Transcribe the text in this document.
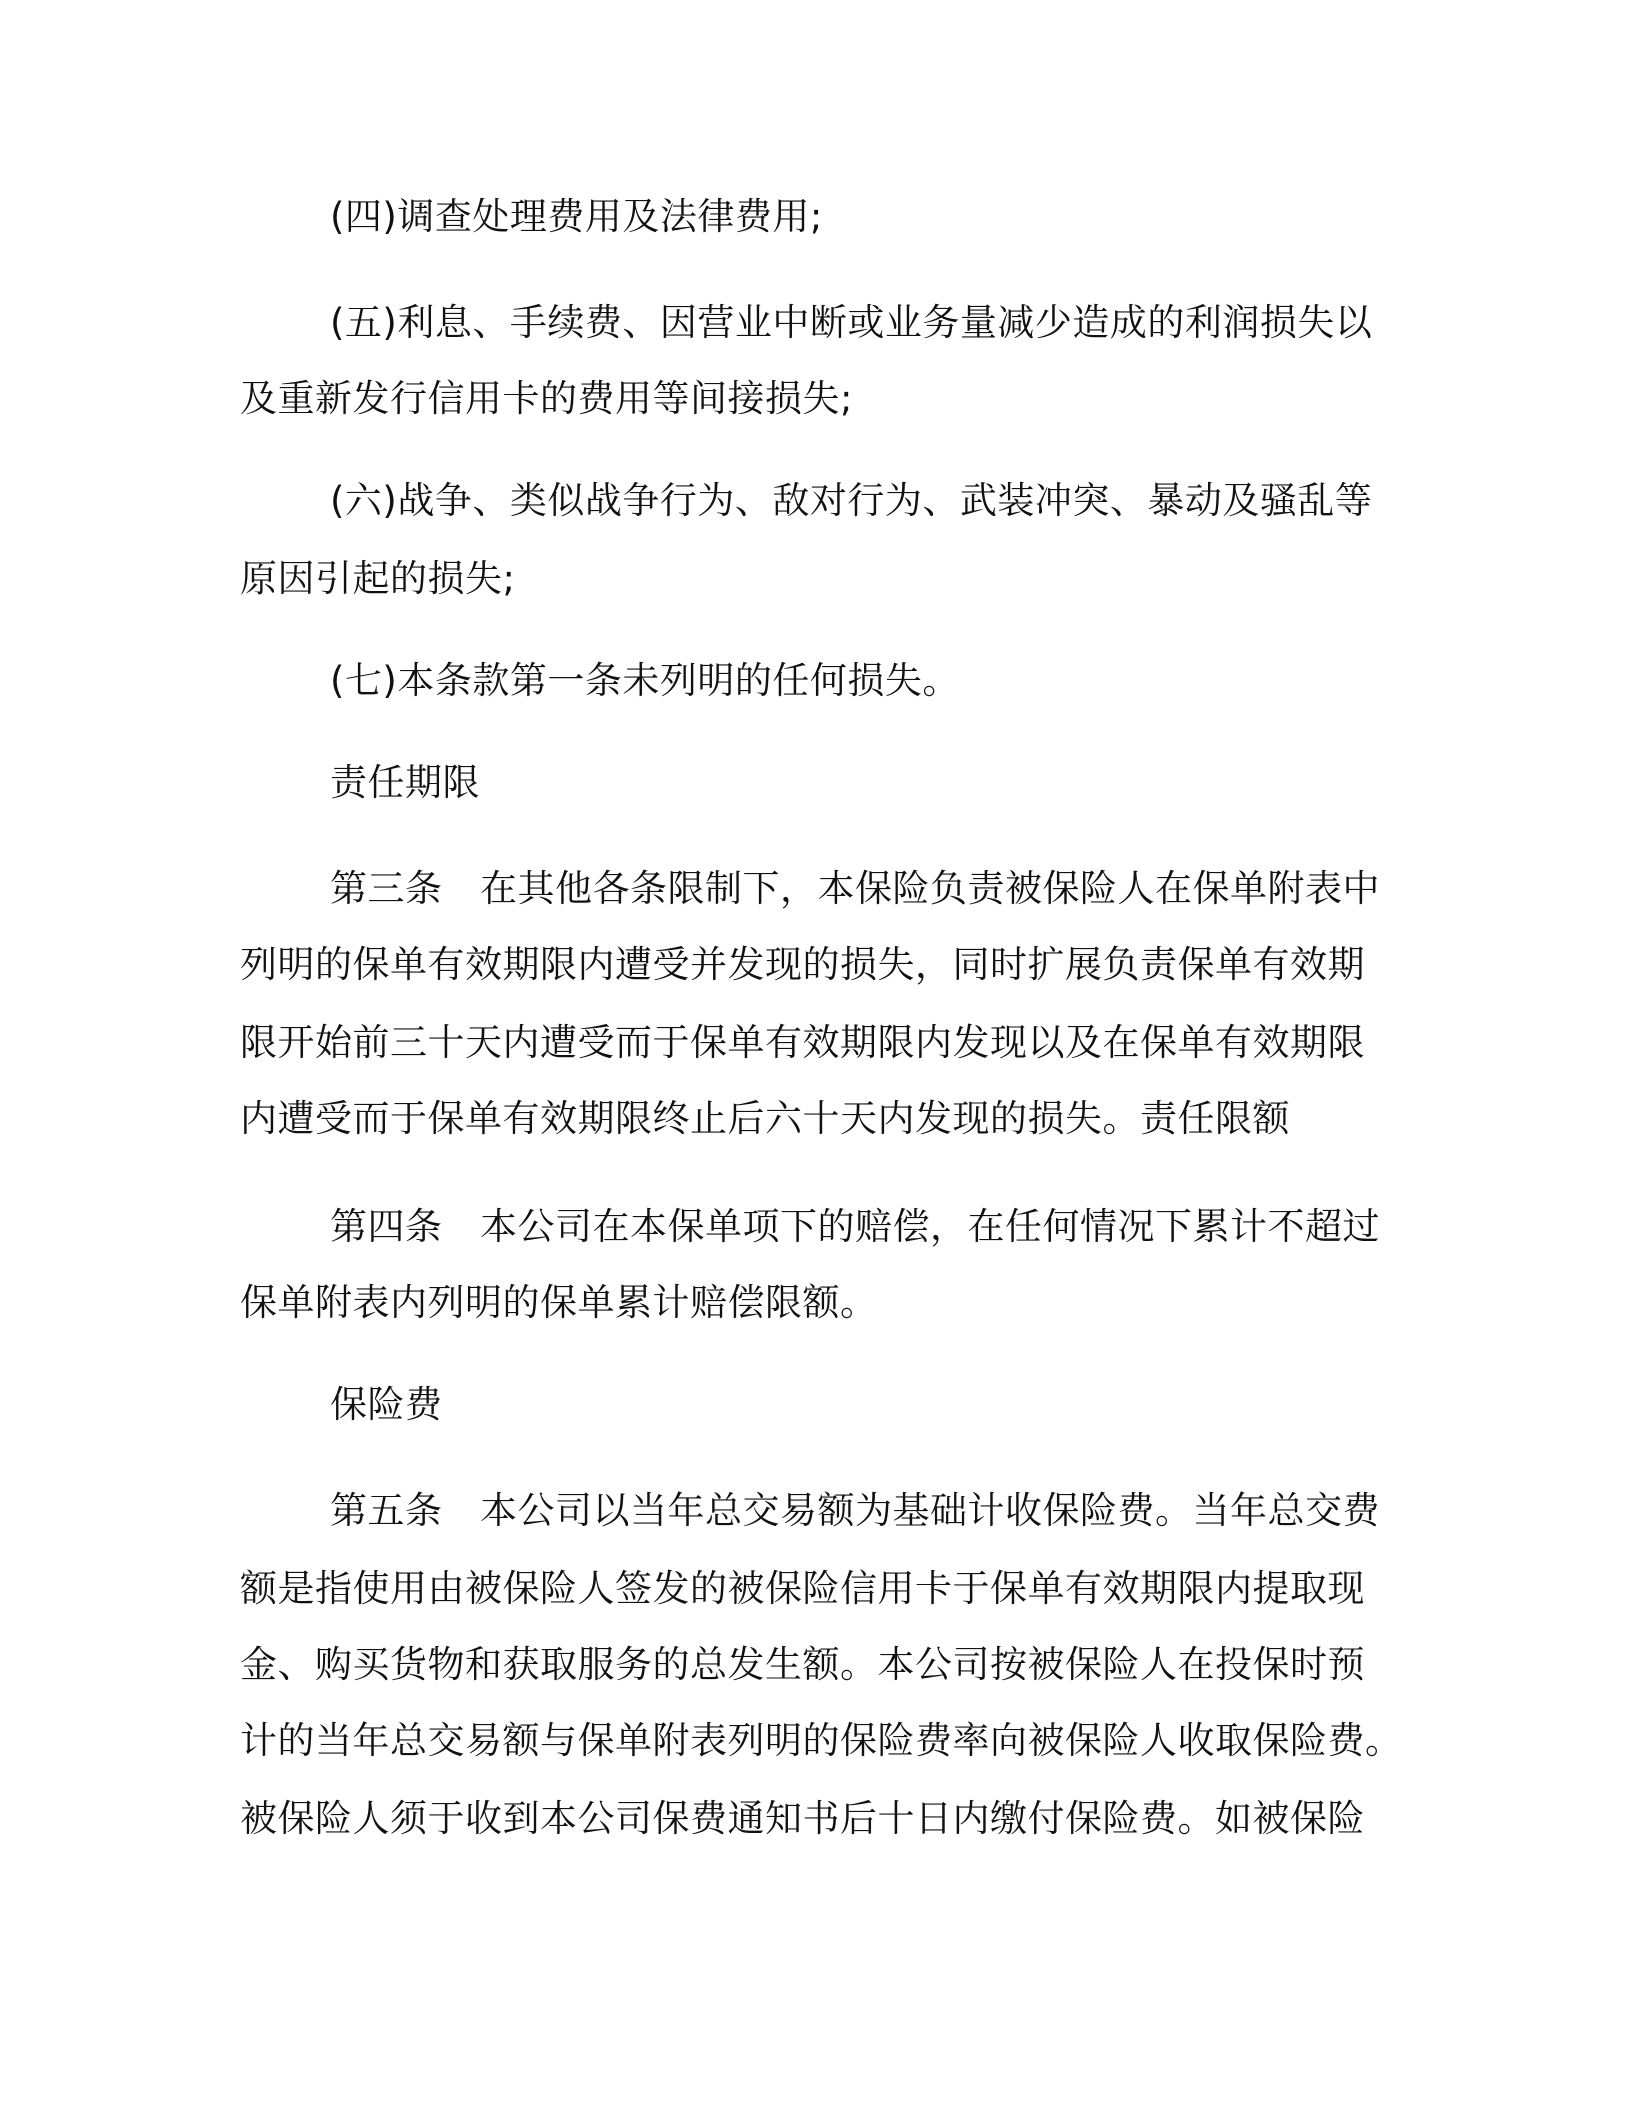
(四)调查处理费用及法律费用;
(五)利息、手续费、因营业中断或业务量减少造成的利润损失以
及重新发行信用卡的费用等间接损失;
(六)战争、类似战争行为、敌对行为、武装冲突、暴动及骚乱等
原因引起的损失;
(七)本条款第一条未列明的任何损失。
责任期限
第三条　在其他各条限制下，本保险负责被保险人在保单附表中
列明的保单有效期限内遭受并发现的损失，同时扩展负责保单有效期
限开始前三十天内遭受而于保单有效期限内发现以及在保单有效期限
内遭受而于保单有效期限终止后六十天内发现的损失。责任限额
第四条　本公司在本保单项下的赔偿，在任何情况下累计不超过
保单附表内列明的保单累计赔偿限额。
保险费
第五条　本公司以当年总交易额为基础计收保险费。当年总交费
额是指使用由被保险人签发的被保险信用卡于保单有效期限内提取现
金、购买货物和获取服务的总发生额。本公司按被保险人在投保时预
计的当年总交易额与保单附表列明的保险费率向被保险人收取保险费。
被保险人须于收到本公司保费通知书后十日内缴付保险费。如被保险
